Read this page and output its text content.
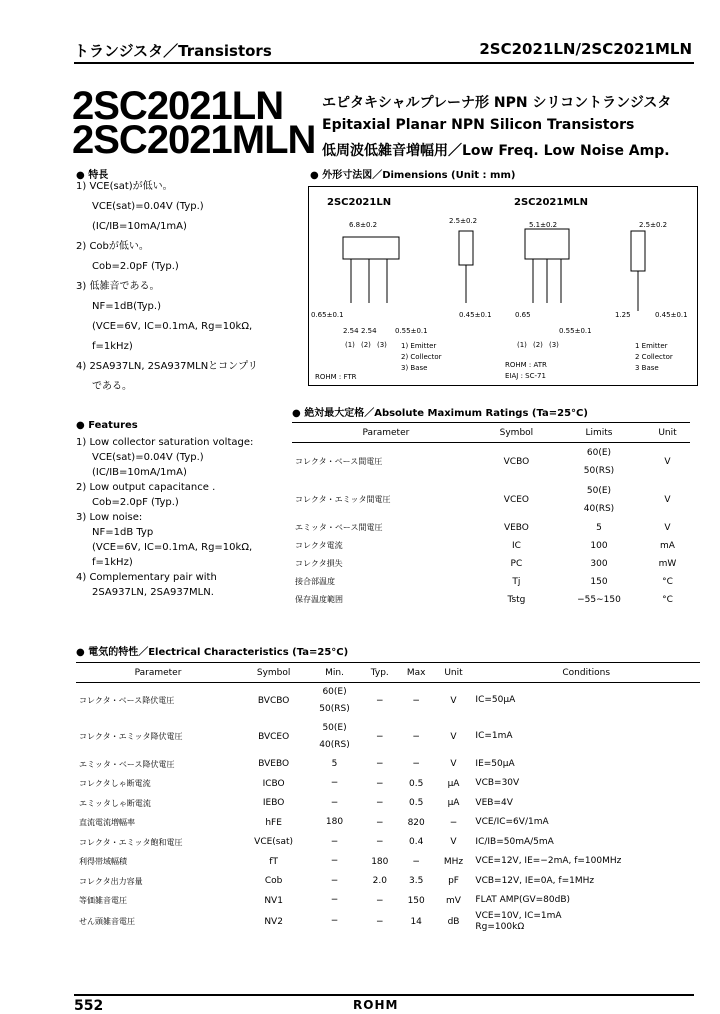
トランジスタ／Transistors	2SC2021LN/2SC2021MLN
2SC2021LN
2SC2021MLN
エピタキシャルプレーナ形 NPN シリコントランジスタ
Epitaxial Planar NPN Silicon Transistors
低周波低雑音増幅用／Low Freq. Low Noise Amp.
● 特長
1) VCE(sat)が低い。
VCE(sat)=0.04V (Typ.)
(IC/IB=10mA/1mA)
2) Cobが低い。
Cob=2.0pF (Typ.)
3) 低雑音である。
NF=1dB(Typ.)
(VCE=6V, IC=0.1mA, Rg=10kΩ,
f=1kHz)
4) 2SA937LN, 2SA937MLNとコンプリ
である。
● Features
1) Low collector saturation voltage:
VCE(sat)=0.04V (Typ.)
(IC/IB=10mA/1mA)
2) Low output capacitance .
Cob=2.0pF (Typ.)
3) Low noise:
NF=1dB Typ
(VCE=6V, IC=0.1mA, Rg=10kΩ,
f=1kHz)
4) Complementary pair with
2SA937LN, 2SA937MLN.
● 外形寸法図／Dimensions (Unit : mm)
2SC2021LN	2SC2021MLN
6.8±0.2	2.5±0.2
0.65±0.1
2.54 2.54	0.55±0.1
0.45±0.1
(1) (2) (3)
5.1±0.2	2.5±0.2
0.65	1.25	0.45±0.1
(1) (2) (3)
0.55±0.1
1) Emitter
2) Collector
3) Base
1 Emitter
2 Collector
3 Base
ROHM : FTR
ROHM : ATR
EIAJ : SC-71
● 絶対最大定格／Absolute Maximum Ratings (Ta=25°C)
Parameter	Symbol	Limits	Unit
コレクタ・ベース間電圧	VCBO	60(E)
50(RS)	V
コレクタ・エミッタ間電圧	VCEO	50(E)
40(RS)	V
エミッタ・ベース間電圧	VEBO	5	V
コレクタ電流	IC	100	mA
コレクタ損失	PC	300	mW
接合部温度	Tj	150	°C
保存温度範囲	Tstg	−55∼150	°C
● 電気的特性／Electrical Characteristics (Ta=25°C)
Parameter	Symbol	Min.	Typ.	Max	Unit	Conditions
コレクタ・ベース降伏電圧	BVCBO	60(E)
50(RS)	−	−	V	IC=50μA

コレクタ・エミッタ降伏電圧	BVCEO	50(E)
40(RS)	−	−	V	IC=1mA

エミッタ・ベース降伏電圧	BVEBO	5	−	−	V	IE=50μA

コレクタしゃ断電流	ICBO	−	−	0.5	μA	VCB=30V

エミッタしゃ断電流	IEBO	−	−	0.5	μA	VEB=4V

直流電流増幅率	hFE	180	−	820	−	VCE/IC=6V/1mA

コレクタ・エミッタ飽和電圧	VCE(sat)	−	−	0.4	V	IC/IB=50mA/5mA

利得帯域幅積	fT	−	180	−	MHz	VCE=12V, IE=−2mA, f=100MHz

コレクタ出力容量	Cob	−	2.0	3.5	pF	VCB=12V, IE=0A, f=1MHz

等価雑音電圧	NV1	−	−	150	mV	FLAT AMP(GV=80dB)

せん頭雑音電圧	NV2	−	−	14	dB	VCE=10V, IC=1mA
Rg=100kΩ
552	ROHM
